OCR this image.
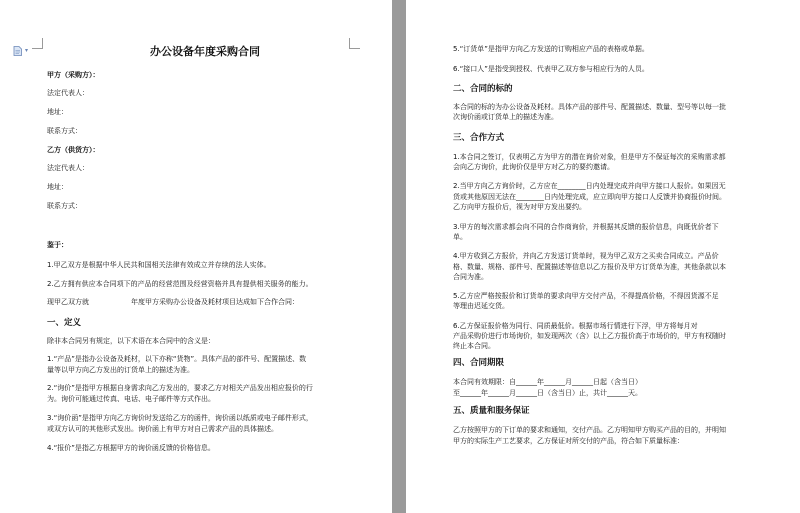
▾	办公设备年度采购合同
甲方（采购方）：
法定代表人：
地址：
联系方式：
乙方（供货方）：
法定代表人：
地址：
联系方式：
鉴于：
1.甲乙双方是根据中华人民共和国相关法律有效成立并存续的法人实体。
2.乙方拥有供应本合同项下的产品的经营范围及经营资格并具有提供相关服务的能力。
现甲乙双方就　　　　　　年度甲方采购办公设备及耗材项目达成如下合作合同：
一、定义
除非本合同另有规定，以下术语在本合同中的含义是：
1.“产品”是指办公设备及耗材，以下亦称“货物”。具体产品的部件号、配置描述、数
量等以甲方向乙方发出的订货单上的描述为准。
2.“询价”是指甲方根据自身需求向乙方发出的，要求乙方对相关产品发出相应报价的行
为。询价可能通过传真、电话、电子邮件等方式作出。
3.“询价函”是指甲方向乙方询价时发送给乙方的函件，询价函以纸质或电子邮件形式，
或双方认可的其他形式发出。询价函上有甲方对自己需求产品的具体描述。
4.“报价”是指乙方根据甲方的询价函反馈的价格信息。
5.“订货单”是指甲方向乙方发送的订购相应产品的表格或单据。
6.“接口人”是指受到授权、代表甲乙双方参与相应行为的人员。
二、合同的标的
本合同的标的为办公设备及耗材。具体产品的部件号、配置描述、数量、型号等以每一批
次询价函或订货单上的描述为准。
三、合作方式
1.本合同之签订，仅表明乙方为甲方的潜在询价对象，但是甲方不保证每次的采购需求都
会向乙方询价，此询价仅是甲方对乙方的要约邀请。
2.当甲方向乙方询价时，乙方应在________日内处理完成并向甲方接口人报价。如果因无
货或其他原因无法在________日内处理完成，应立即向甲方接口人反馈并协商报价时间。
乙方向甲方报价后，视为对甲方发出要约。
3.甲方的每次需求都会向不同的合作商询价，并根据其反馈的报价信息，向既优价者下
单。
4.甲方收到乙方报价，并向乙方发送订货单时，视为甲乙双方之买卖合同成立。产品价
格、数量、规格、部件号、配置描述等信息以乙方报价及甲方订货单为准，其他条款以本
合同为准。
5.乙方应严格按报价和订货单的要求向甲方交付产品，不得提高价格，不得因货源不足
等理由迟延交货。
6.乙方保证报价格为同行、同质最低价。根据市场行情进行下浮，甲方将每月对
产品采购价进行市场询价，如发现两次（含）以上乙方报价高于市场价的，甲方有权随时
终止本合同。
四、合同期限
本合同有效期限：自______年______月______日起（含当日）
至______年______月______日（含当日）止，共计______天。
五、质量和服务保证
乙方按照甲方的下订单的要求和通知，交付产品。乙方明知甲方购买产品的目的，并明知
甲方的实际生产工艺要求，乙方保证对所交付的产品，符合如下质量标准：
